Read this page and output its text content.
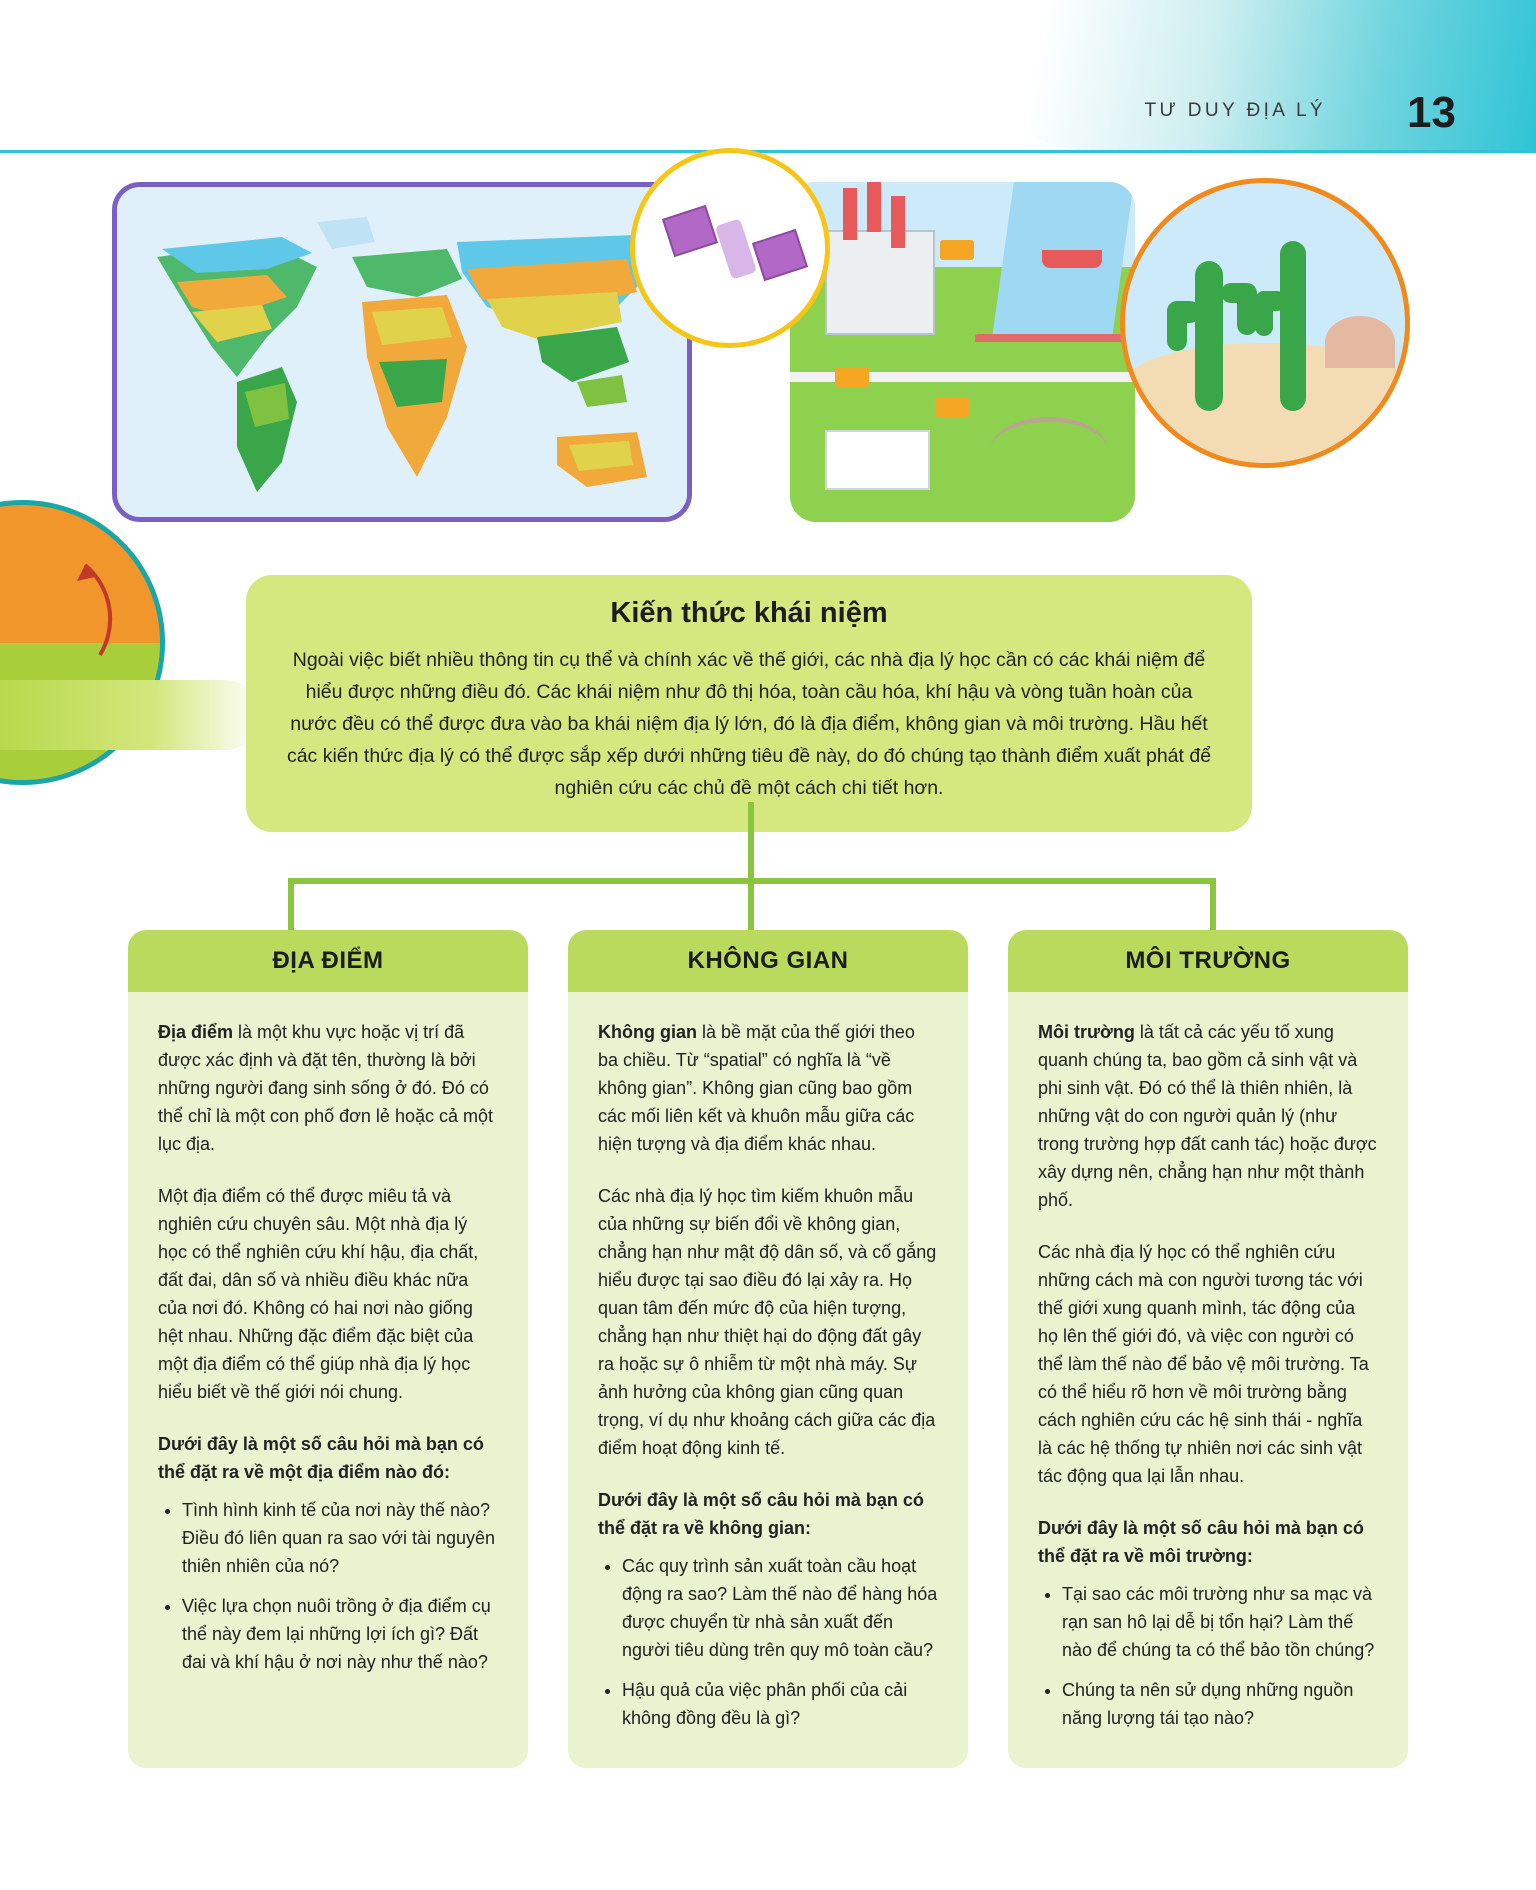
TƯ DUY ĐỊA LÝ 13
Kiến thức khái niệm
Ngoài việc biết nhiều thông tin cụ thể và chính xác về thế giới, các nhà địa lý học cần có các khái niệm để hiểu được những điều đó. Các khái niệm như đô thị hóa, toàn cầu hóa, khí hậu và vòng tuần hoàn của nước đều có thể được đưa vào ba khái niệm địa lý lớn, đó là địa điểm, không gian và môi trường. Hầu hết các kiến thức địa lý có thể được sắp xếp dưới những tiêu đề này, do đó chúng tạo thành điểm xuất phát để nghiên cứu các chủ đề một cách chi tiết hơn.
ĐỊA ĐIỂM

Địa điểm là một khu vực hoặc vị trí đã được xác định và đặt tên, thường là bởi những người đang sinh sống ở đó. Đó có thể chỉ là một con phố đơn lẻ hoặc cả một lục địa.

Một địa điểm có thể được miêu tả và nghiên cứu chuyên sâu. Một nhà địa lý học có thể nghiên cứu khí hậu, địa chất, đất đai, dân số và nhiều điều khác nữa của nơi đó. Không có hai nơi nào giống hệt nhau. Những đặc điểm đặc biệt của một địa điểm có thể giúp nhà địa lý học hiểu biết về thế giới nói chung.

Dưới đây là một số câu hỏi mà bạn có thể đặt ra về một địa điểm nào đó:

• Tình hình kinh tế của nơi này thế nào? Điều đó liên quan ra sao với tài nguyên thiên nhiên của nó?
• Việc lựa chọn nuôi trồng ở địa điểm cụ thể này đem lại những lợi ích gì? Đất đai và khí hậu ở nơi này như thế nào?
KHÔNG GIAN

Không gian là bề mặt của thế giới theo ba chiều. Từ “spatial” có nghĩa là “về không gian”. Không gian cũng bao gồm các mối liên kết và khuôn mẫu giữa các hiện tượng và địa điểm khác nhau.

Các nhà địa lý học tìm kiếm khuôn mẫu của những sự biến đổi về không gian, chẳng hạn như mật độ dân số, và cố gắng hiểu được tại sao điều đó lại xảy ra. Họ quan tâm đến mức độ của hiện tượng, chẳng hạn như thiệt hại do động đất gây ra hoặc sự ô nhiễm từ một nhà máy. Sự ảnh hưởng của không gian cũng quan trọng, ví dụ như khoảng cách giữa các địa điểm hoạt động kinh tế.

Dưới đây là một số câu hỏi mà bạn có thể đặt ra về không gian:

• Các quy trình sản xuất toàn cầu hoạt động ra sao? Làm thế nào để hàng hóa được chuyển từ nhà sản xuất đến người tiêu dùng trên quy mô toàn cầu?
• Hậu quả của việc phân phối của cải không đồng đều là gì?
MÔI TRƯỜNG

Môi trường là tất cả các yếu tố xung quanh chúng ta, bao gồm cả sinh vật và phi sinh vật. Đó có thể là thiên nhiên, là những vật do con người quản lý (như trong trường hợp đất canh tác) hoặc được xây dựng nên, chẳng hạn như một thành phố.

Các nhà địa lý học có thể nghiên cứu những cách mà con người tương tác với thế giới xung quanh mình, tác động của họ lên thế giới đó, và việc con người có thể làm thế nào để bảo vệ môi trường. Ta có thể hiểu rõ hơn về môi trường bằng cách nghiên cứu các hệ sinh thái - nghĩa là các hệ thống tự nhiên nơi các sinh vật tác động qua lại lẫn nhau.

Dưới đây là một số câu hỏi mà bạn có thể đặt ra về môi trường:

• Tại sao các môi trường như sa mạc và rạn san hô lại dễ bị tổn hại? Làm thế nào để chúng ta có thể bảo tồn chúng?
• Chúng ta nên sử dụng những nguồn năng lượng tái tạo nào?
